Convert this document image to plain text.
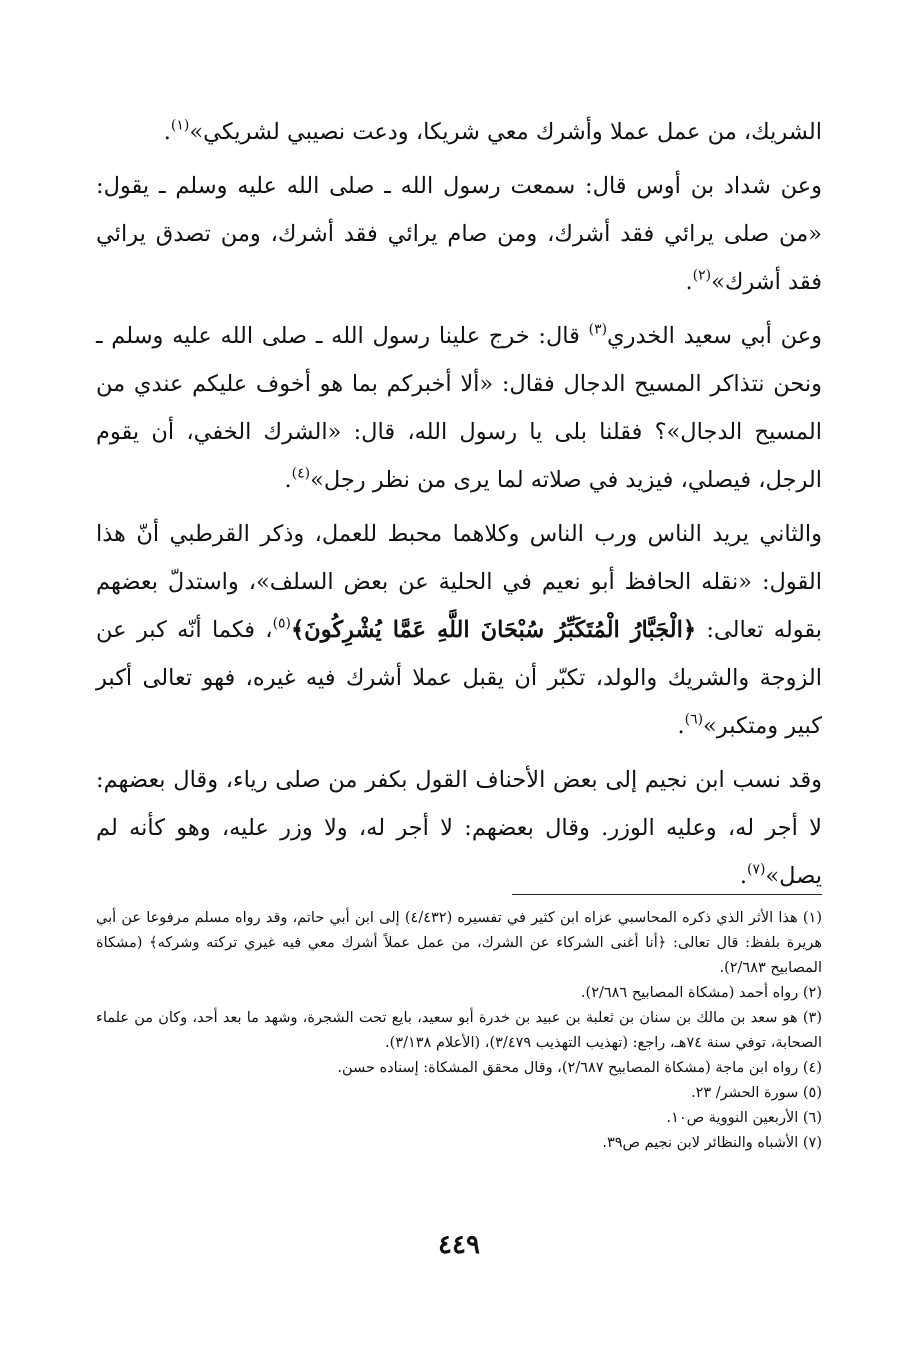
الشريك، من عمل عملا وأشرك معي شريكا، ودعت نصيبي لشريكي»$^{(١)}$.

وعن شداد بن أوس قال: سمعت رسول الله ـ صلى الله عليه وسلم ـ يقول: «من صلى يرائي فقد أشرك، ومن صام يرائي فقد أشرك، ومن تصدق يرائي فقد أشرك»$^{(٢)}$.

وعن أبي سعيد الخدري$^{(٣)}$ قال: خرج علينا رسول الله ـ صلى الله عليه وسلم ـ ونحن نتذاكر المسيح الدجال فقال: «ألا أخبركم بما هو أخوف عليكم عندي من المسيح الدجال»؟ فقلنا بلى يا رسول الله، قال: «الشرك الخفي، أن يقوم الرجل، فيصلي، فيزيد في صلاته لما يرى من نظر رجل»$^{(٤)}$.

والثاني يريد الناس ورب الناس وكلاهما محبط للعمل، وذكر القرطبي أنّ هذا القول: «نقله الحافظ أبو نعيم في الحلية عن بعض السلف»، واستدلّ بعضهم بقوله تعالى: ﴿الْجَبَّارُ الْمُتَكَبِّرُ سُبْحَانَ اللَّهِ عَمَّا يُشْرِكُونَ﴾$^{(٥)}$، فكما أنّه كبر عن الزوجة والشريك والولد، تكبّر أن يقبل عملا أشرك فيه غيره، فهو تعالى أكبر كبير ومتكبر»$^{(٦)}$.

وقد نسب ابن نجيم إلى بعض الأحناف القول بكفر من صلى رياء، وقال بعضهم: لا أجر له، وعليه الوزر. وقال بعضهم: لا أجر له، ولا وزر عليه، وهو كأنه لم يصل»$^{(٧)}$.

(١) هذا الأثر الذي ذكره المحاسبي عزاه ابن كثير في تفسيره (٤/٤٣٢) إلى ابن أبي حاتم، وقد رواه مسلم مرفوعا عن أبي هريرة بلفظ: قال تعالى: ﴿أنا أغنى الشركاء عن الشرك، من عمل عملاً أشرك معي فيه غيري تركته وشركه﴾ (مشكاة المصابيح ٢/٦٨٣).

(٢) رواه أحمد (مشكاة المصابيح ٢/٦٨٦).

(٣) هو سعد بن مالك بن سنان بن ثعلبة بن عبيد بن خدرة أبو سعيد، بايع تحت الشجرة، وشهد ما بعد أحد، وكان من علماء الصحابة، توفي سنة ٧٤هـ، راجع: (تهذيب التهذيب ٣/٤٧٩)، (الأعلام ٣/١٣٨).

(٤) رواه ابن ماجة (مشكاة المصابيح ٢/٦٨٧)، وقال محقق المشكاة: إسناده حسن.

(٥) سورة الحشر/ ٢٣.

(٦) الأربعين النووية ص١٠.

(٧) الأشباه والنظائر لابن نجيم ص٣٩.

٤٤٩
